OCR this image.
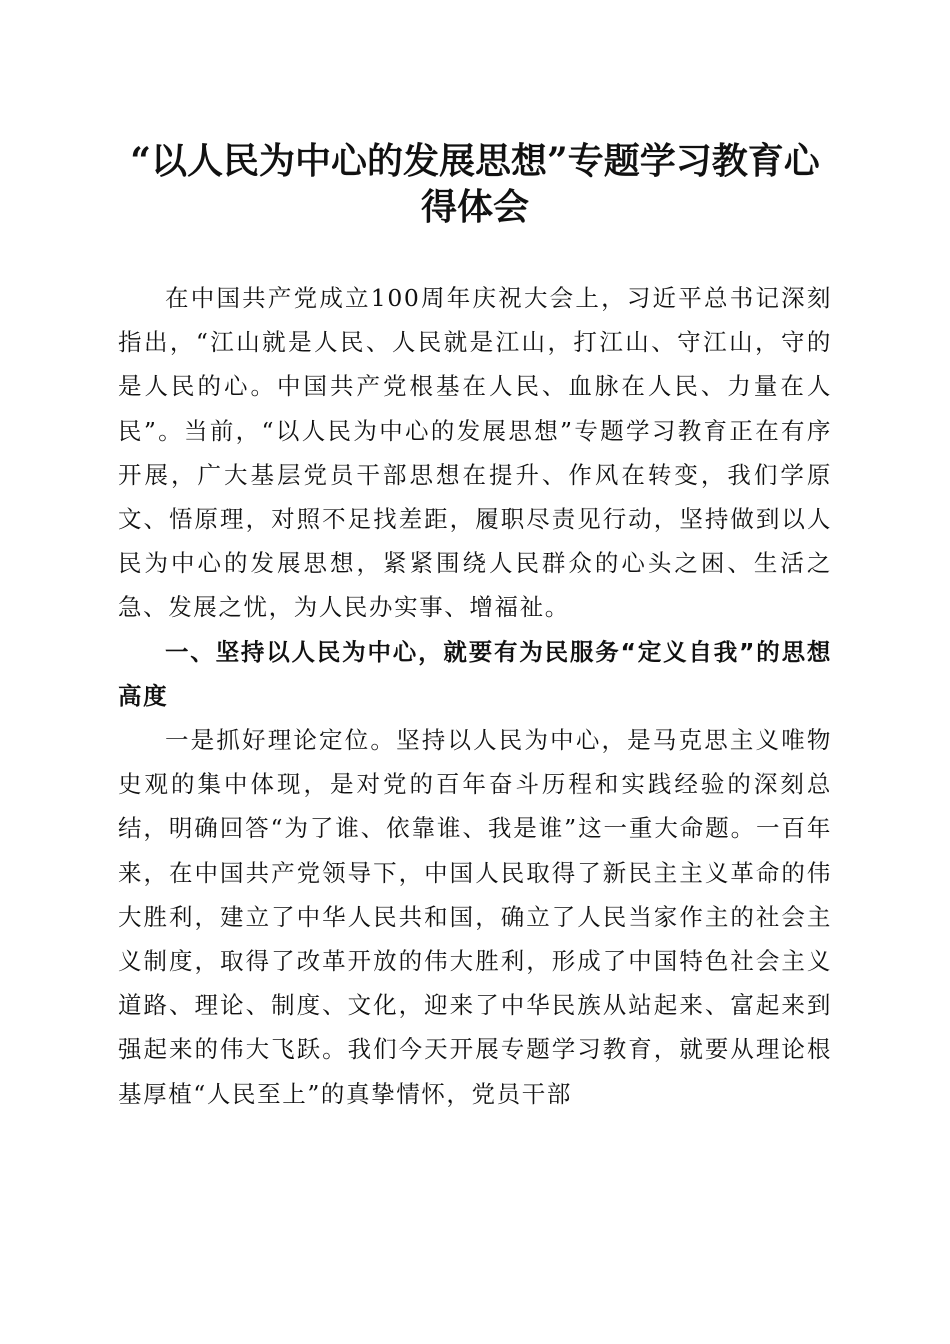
“以人民为中心的发展思想”专题学习教育心得体会

在中国共产党成立100周年庆祝大会上，习近平总书记深刻指出，“江山就是人民、人民就是江山，打江山、守江山，守的是人民的心。中国共产党根基在人民、血脉在人民、力量在人民”。当前，“以人民为中心的发展思想”专题学习教育正在有序开展，广大基层党员干部思想在提升、作风在转变，我们学原文、悟原理，对照不足找差距，履职尽责见行动，坚持做到以人民为中心的发展思想，紧紧围绕人民群众的心头之困、生活之急、发展之忧，为人民办实事、增福祉。

一、坚持以人民为中心，就要有为民服务“定义自我”的思想高度

一是抓好理论定位。坚持以人民为中心，是马克思主义唯物史观的集中体现，是对党的百年奋斗历程和实践经验的深刻总结，明确回答“为了谁、依靠谁、我是谁”这一重大命题。一百年来，在中国共产党领导下，中国人民取得了新民主主义革命的伟大胜利，建立了中华人民共和国，确立了人民当家作主的社会主义制度，取得了改革开放的伟大胜利，形成了中国特色社会主义道路、理论、制度、文化，迎来了中华民族从站起来、富起来到强起来的伟大飞跃。我们今天开展专题学习教育，就要从理论根基厚植“人民至上”的真挚情怀，党员干部
